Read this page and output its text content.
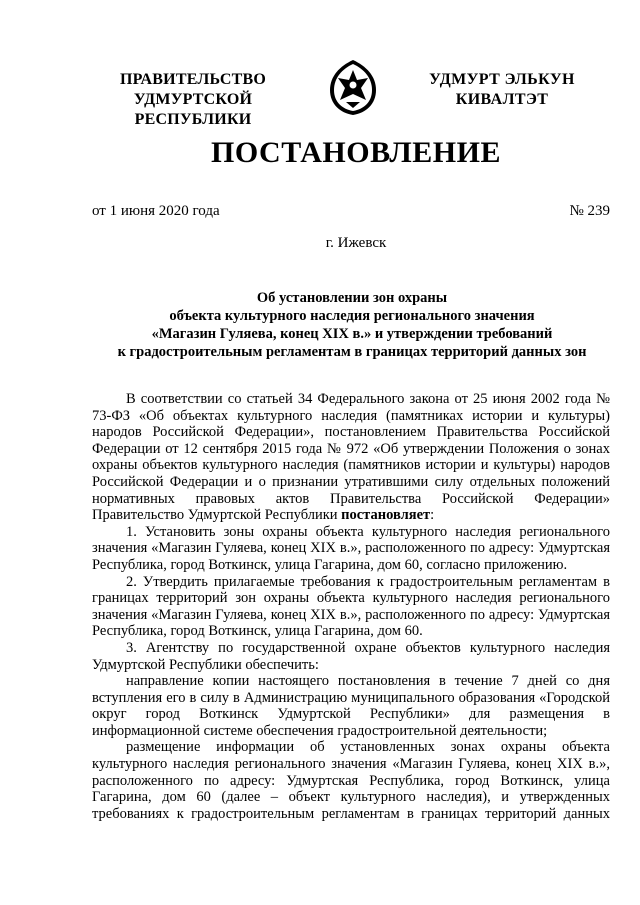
ПРАВИТЕЛЬСТВО
УДМУРТСКОЙ РЕСПУБЛИКИ
УДМУРТ ЭЛЬКУН
КИВАЛТЭТ
ПОСТАНОВЛЕНИЕ
от 1 июня 2020 года	№ 239
г. Ижевск
Об установлении зон охраны
объекта культурного наследия регионального значения
«Магазин Гуляева, конец XIX в.» и утверждении требований
к градостроительным регламентам в границах территорий данных зон

В соответствии со статьей 34 Федерального закона от 25 июня 2002 года № 73-ФЗ «Об объектах культурного наследия (памятниках истории и культуры) народов Российской Федерации», постановлением Правительства Российской Федерации от 12 сентября 2015 года № 972 «Об утверждении Положения о зонах охраны объектов культурного наследия (памятников истории и культуры) народов Российской Федерации и о признании утратившими силу отдельных положений нормативных правовых актов Правительства Российской Федерации» Правительство Удмуртской Республики постановляет:

1. Установить зоны охраны объекта культурного наследия регионального значения «Магазин Гуляева, конец XIX в.», расположенного по адресу: Удмуртская Республика, город Воткинск, улица Гагарина, дом 60, согласно приложению.

2. Утвердить прилагаемые требования к градостроительным регламентам в границах территорий зон охраны объекта культурного наследия регионального значения «Магазин Гуляева, конец XIX в.», расположенного по адресу: Удмуртская Республика, город Воткинск, улица Гагарина, дом 60.

3. Агентству по государственной охране объектов культурного наследия Удмуртской Республики обеспечить:

направление копии настоящего постановления в течение 7 дней со дня вступления его в силу в Администрацию муниципального образования «Городской округ город Воткинск Удмуртской Республики» для размещения в информационной системе обеспечения градостроительной деятельности;

размещение информации об установленных зонах охраны объекта культурного наследия регионального значения «Магазин Гуляева, конец XIX в.», расположенного по адресу: Удмуртская Республика, город Воткинск, улица Гагарина, дом 60 (далее – объект культурного наследия), и утвержденных требованиях к градостроительным регламентам в границах территорий данных
